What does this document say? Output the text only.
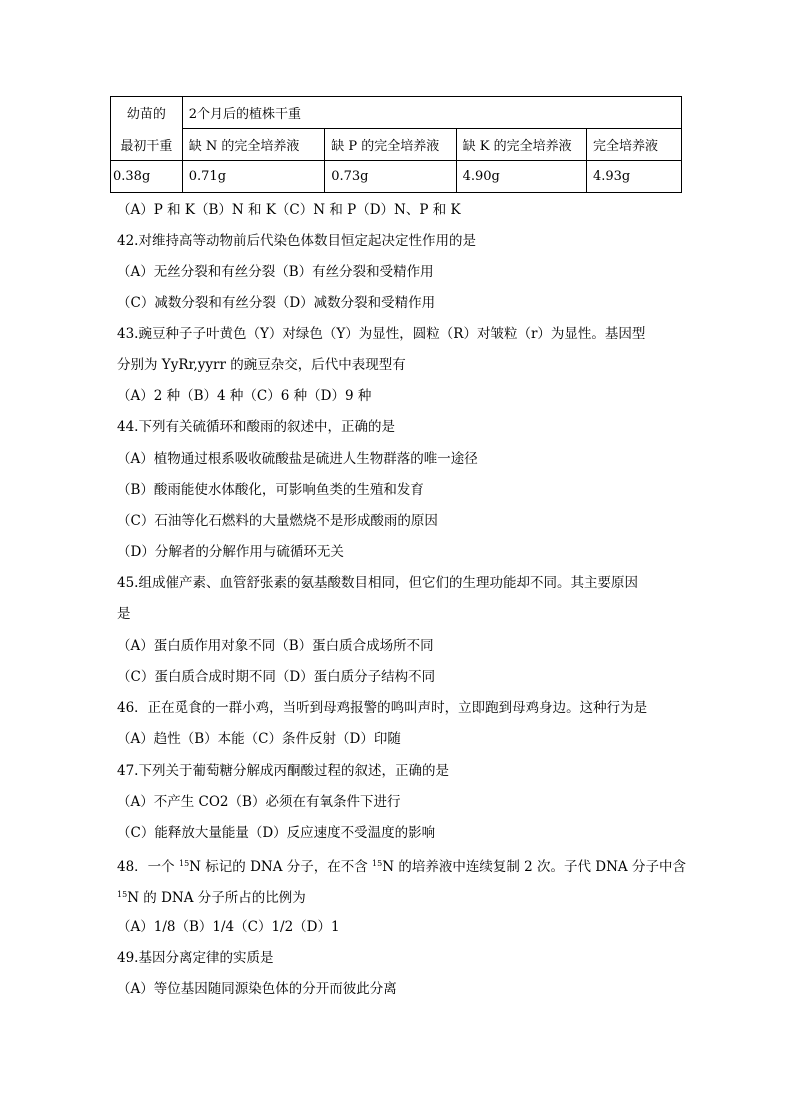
幼苗的	2个月后的植株干重			
最初干重	缺 N 的完全培养液	缺 P 的完全培养液	缺 K 的完全培养液	完全培养液
0.38g	0.71g	0.73g	4.90g	4.93g
（A）P 和 K（B）N 和 K（C）N 和 P（D）N、P 和 K
42.对维持高等动物前后代染色体数目恒定起决定性作用的是
（A）无丝分裂和有丝分裂（B）有丝分裂和受精作用
（C）减数分裂和有丝分裂（D）减数分裂和受精作用
43.豌豆种子子叶黄色（Y）对绿色（Y）为显性，圆粒（R）对皱粒（r）为显性。基因型
分别为 YyRr,yyrr 的豌豆杂交，后代中表现型有
（A）2 种（B）4 种（C）6 种（D）9 种
44.下列有关硫循环和酸雨的叙述中，正确的是
（A）植物通过根系吸收硫酸盐是硫进人生物群落的唯一途径
（B）酸雨能使水体酸化，可影响鱼类的生殖和发育
（C）石油等化石燃料的大量燃烧不是形成酸雨的原因
（D）分解者的分解作用与硫循环无关
45.组成催产素、血管舒张素的氨基酸数目相同，但它们的生理功能却不同。其主要原因
是
（A）蛋白质作用对象不同（B）蛋白质合成场所不同
（C）蛋白质合成时期不同（D）蛋白质分子结构不同
46．正在觅食的一群小鸡，当听到母鸡报警的鸣叫声时，立即跑到母鸡身边。这种行为是
（A）趋性（B）本能（C）条件反射（D）印随
47.下列关于葡萄糖分解成丙酮酸过程的叙述，正确的是
（A）不产生 CO2（B）必须在有氧条件下进行
（C）能释放大量能量（D）反应速度不受温度的影响
48．一个 $^{15}$N 标记的 DNA 分子，在不含 $^{15}$N 的培养液中连续复制 2 次。子代 DNA 分子中含
$^{15}$N 的 DNA 分子所占的比例为
（A）1/8（B）1/4（C）1/2（D）1
49.基因分离定律的实质是
（A）等位基因随同源染色体的分开而彼此分离
